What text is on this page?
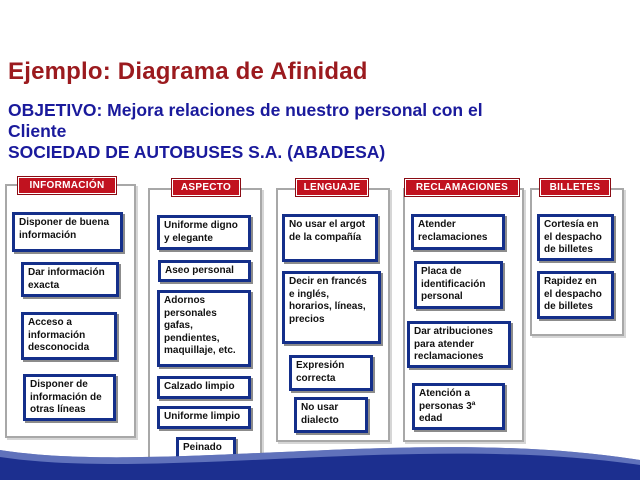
Ejemplo: Diagrama de Afinidad
OBJETIVO: Mejora relaciones de nuestro personal con el
Cliente
SOCIEDAD DE AUTOBUSES S.A. (ABADESA)
INFORMACIÓN
Disponer de buena información
Dar información exacta
Acceso a información desconocida
Disponer de información de otras líneas
ASPECTO
Uniforme digno y elegante
Aseo personal
Adornos personales gafas, pendientes, maquillaje, etc.
Calzado limpio
Uniforme limpio
Peinado
LENGUAJE
No usar el argot de la compañía
Decir en francés e inglés, horarios, líneas, precios
Expresión correcta
No usar dialecto
RECLAMACIONES
Atender reclamaciones
Placa de identificación personal
Dar atribuciones para atender reclamaciones
Atención a personas 3ª edad
BILLETES
Cortesía en el despacho de billetes
Rapidez en el despacho de billetes
